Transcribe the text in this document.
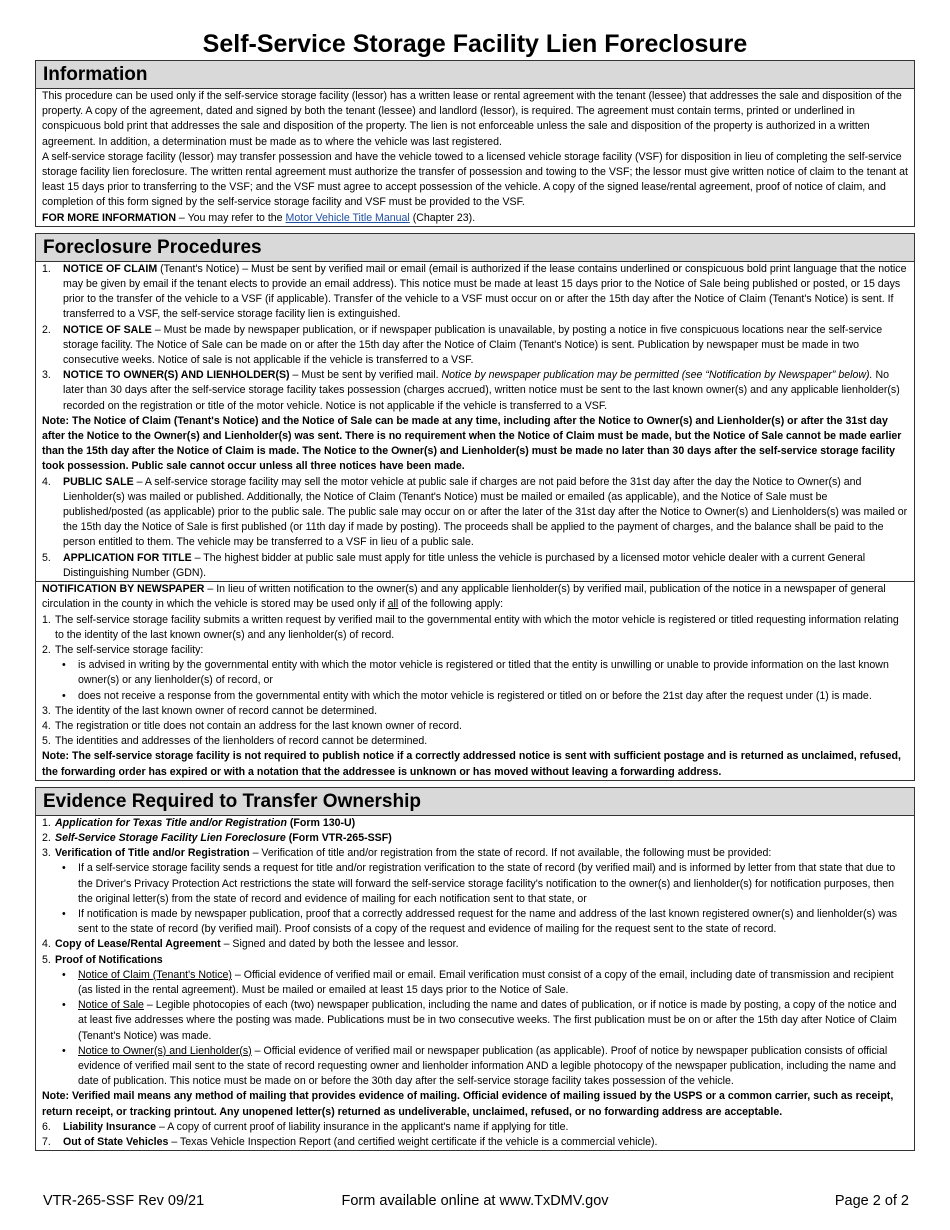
Self-Service Storage Facility Lien Foreclosure
Information

This procedure can be used only if the self-service storage facility (lessor) has a written lease or rental agreement with the tenant (lessee) that addresses the sale and disposition of the property. A copy of the agreement, dated and signed by both the tenant (lessee) and landlord (lessor), is required. The agreement must contain terms, printed or underlined in conspicuous bold print that addresses the sale and disposition of the property. The lien is not enforceable unless the sale and disposition of the property is authorized in a written agreement. In addition, a determination must be made as to where the vehicle was last registered.

A self-service storage facility (lessor) may transfer possession and have the vehicle towed to a licensed vehicle storage facility (VSF) for disposition in lieu of completing the self-service storage facility lien foreclosure. The written rental agreement must authorize the transfer of possession and towing to the VSF; the lessor must give written notice of claim to the tenant at least 15 days prior to transferring to the VSF; and the VSF must agree to accept possession of the vehicle. A copy of the signed lease/rental agreement, proof of notice of claim, and completion of this form signed by the self-service storage facility and VSF must be provided to the VSF.

FOR MORE INFORMATION – You may refer to the Motor Vehicle Title Manual (Chapter 23).

Foreclosure Procedures
1.	NOTICE OF CLAIM (Tenant's Notice) – Must be sent by verified mail or email (email is authorized if the lease contains underlined or conspicuous bold print language that the notice may be given by email if the tenant elects to provide an email address). This notice must be made at least 15 days prior to the Notice of Sale being published or posted, or 15 days prior to the transfer of the vehicle to a VSF (if applicable). Transfer of the vehicle to a VSF must occur on or after the 15th day after the Notice of Claim (Tenant's Notice) is sent. If transferred to a VSF, the self-service storage facility lien is extinguished.
2.	NOTICE OF SALE – Must be made by newspaper publication, or if newspaper publication is unavailable, by posting a notice in five conspicuous locations near the self-service storage facility. The Notice of Sale can be made on or after the 15th day after the Notice of Claim (Tenant's Notice) is sent. Publication by newspaper must be made in two consecutive weeks. Notice of sale is not applicable if the vehicle is transferred to a VSF.
3.	NOTICE TO OWNER(S) AND LIENHOLDER(S) – Must be sent by verified mail. Notice by newspaper publication may be permitted (see “Notification by Newspaper” below). No later than 30 days after the self-service storage facility takes possession (charges accrued), written notice must be sent to the last known owner(s) and any applicable lienholder(s) recorded on the registration or title of the motor vehicle. Notice is not applicable if the vehicle is transferred to a VSF.

Note: The Notice of Claim (Tenant's Notice) and the Notice of Sale can be made at any time, including after the Notice to Owner(s) and Lienholder(s) or after the 31st day after the Notice to the Owner(s) and Lienholder(s) was sent. There is no requirement when the Notice of Claim must be made, but the Notice of Sale cannot be made earlier than the 15th day after the Notice of Claim is made. The Notice to the Owner(s) and Lienholder(s) must be made no later than 30 days after the self-service storage facility took possession. Public sale cannot occur unless all three notices have been made.

4.	PUBLIC SALE – A self-service storage facility may sell the motor vehicle at public sale if charges are not paid before the 31st day after the day the Notice to Owner(s) and Lienholder(s) was mailed or published. Additionally, the Notice of Claim (Tenant's Notice) must be mailed or emailed (as applicable), and the Notice of Sale must be published/posted (as applicable) prior to the public sale. The public sale may occur on or after the later of the 31st day after the Notice to Owner(s) and Lienholders(s) was mailed or the 15th day the Notice of Sale is first published (or 11th day if made by posting). The proceeds shall be applied to the payment of charges, and the balance shall be paid to the person entitled to them. The vehicle may be transferred to a VSF in lieu of a public sale.
5.	APPLICATION FOR TITLE – The highest bidder at public sale must apply for title unless the vehicle is purchased by a licensed motor vehicle dealer with a current General Distinguishing Number (GDN).

NOTIFICATION BY NEWSPAPER – In lieu of written notification to the owner(s) and any applicable lienholder(s) by verified mail, publication of the notice in a newspaper of general circulation in the county in which the vehicle is stored may be used only if all of the following apply:

1. The self-service storage facility submits a written request by verified mail to the governmental entity with which the motor vehicle is registered or titled requesting information relating to the identity of the last known owner(s) and any lienholder(s) of record.
2. The self-service storage facility:
•	is advised in writing by the governmental entity with which the motor vehicle is registered or titled that the entity is unwilling or unable to provide information on the last known owner(s) or any lienholder(s) of record, or
•	does not receive a response from the governmental entity with which the motor vehicle is registered or titled on or before the 21st day after the request under (1) is made.
3. The identity of the last known owner of record cannot be determined.
4. The registration or title does not contain an address for the last known owner of record.
5. The identities and addresses of the lienholders of record cannot be determined.

Note: The self-service storage facility is not required to publish notice if a correctly addressed notice is sent with sufficient postage and is returned as unclaimed, refused, the forwarding order has expired or with a notation that the addressee is unknown or has moved without leaving a forwarding address.

Evidence Required to Transfer Ownership
1. Application for Texas Title and/or Registration (Form 130-U)
2. Self-Service Storage Facility Lien Foreclosure (Form VTR-265-SSF)
3. Verification of Title and/or Registration – Verification of title and/or registration from the state of record. If not available, the following must be provided:
•	If a self-service storage facility sends a request for title and/or registration verification to the state of record (by verified mail) and is informed by letter from that state that due to the Driver's Privacy Protection Act restrictions the state will forward the self-service storage facility's notification to the owner(s) and lienholder(s) for notification purposes, then the original letter(s) from the state of record and evidence of mailing for each notification sent to that state, or
•	If notification is made by newspaper publication, proof that a correctly addressed request for the name and address of the last known registered owner(s) and lienholder(s) was sent to the state of record (by verified mail). Proof consists of a copy of the request and evidence of mailing for the request sent to the state of record.
4. Copy of Lease/Rental Agreement – Signed and dated by both the lessee and lessor.
5. Proof of Notifications
•	Notice of Claim (Tenant's Notice) – Official evidence of verified mail or email. Email verification must consist of a copy of the email, including date of transmission and recipient (as listed in the rental agreement). Must be mailed or emailed at least 15 days prior to the Notice of Sale.
•	Notice of Sale – Legible photocopies of each (two) newspaper publication, including the name and dates of publication, or if notice is made by posting, a copy of the notice and at least five addresses where the posting was made. Publications must be in two consecutive weeks. The first publication must be on or after the 15th day after Notice of Claim (Tenant's Notice) was made.
•	Notice to Owner(s) and Lienholder(s) – Official evidence of verified mail or newspaper publication (as applicable). Proof of notice by newspaper publication consists of official evidence of verified mail sent to the state of record requesting owner and lienholder information AND a legible photocopy of the newspaper publication, including the name and date of publication. This notice must be made on or before the 30th day after the self-service storage facility takes possession of the vehicle.

Note: Verified mail means any method of mailing that provides evidence of mailing. Official evidence of mailing issued by the USPS or a common carrier, such as receipt, return receipt, or tracking printout. Any unopened letter(s) returned as undeliverable, unclaimed, refused, or no forwarding address are acceptable.

6.	Liability Insurance – A copy of current proof of liability insurance in the applicant's name if applying for title.
7.	Out of State Vehicles – Texas Vehicle Inspection Report (and certified weight certificate if the vehicle is a commercial vehicle).
VTR-265-SSF Rev 09/21	Form available online at www.TxDMV.gov	Page 2 of 2
